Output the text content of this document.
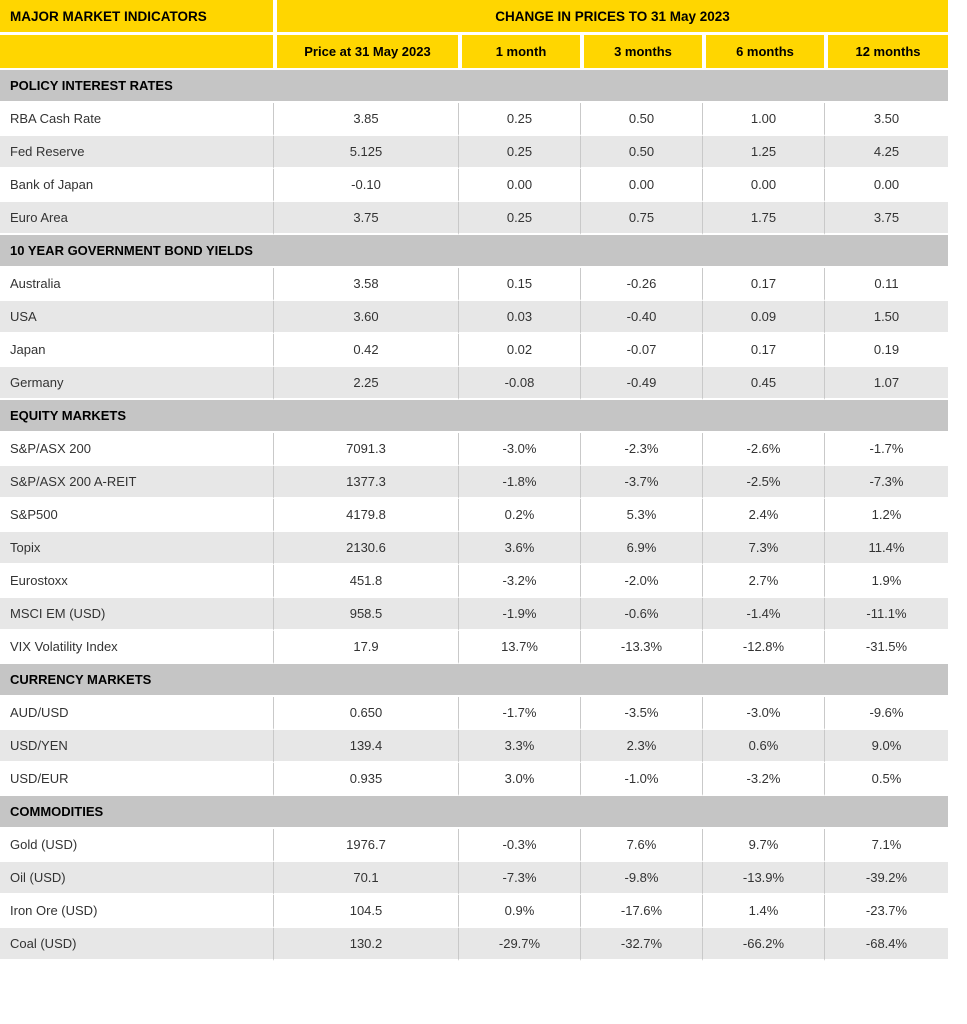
MAJOR MARKET INDICATORS	CHANGE IN PRICES TO 31 May 2023				
	Price at 31 May 2023	1 month	3 months	6 months	12 months
POLICY INTEREST RATES					
RBA Cash Rate	3.85	0.25	0.50	1.00	3.50
Fed Reserve	5.125	0.25	0.50	1.25	4.25
Bank of Japan	-0.10	0.00	0.00	0.00	0.00
Euro Area	3.75	0.25	0.75	1.75	3.75
10 YEAR GOVERNMENT BOND YIELDS					
Australia	3.58	0.15	-0.26	0.17	0.11
USA	3.60	0.03	-0.40	0.09	1.50
Japan	0.42	0.02	-0.07	0.17	0.19
Germany	2.25	-0.08	-0.49	0.45	1.07
EQUITY MARKETS					
S&P/ASX 200	7091.3	-3.0%	-2.3%	-2.6%	-1.7%
S&P/ASX 200 A-REIT	1377.3	-1.8%	-3.7%	-2.5%	-7.3%
S&P500	4179.8	0.2%	5.3%	2.4%	1.2%
Topix	2130.6	3.6%	6.9%	7.3%	11.4%
Eurostoxx	451.8	-3.2%	-2.0%	2.7%	1.9%
MSCI EM (USD)	958.5	-1.9%	-0.6%	-1.4%	-11.1%
VIX Volatility Index	17.9	13.7%	-13.3%	-12.8%	-31.5%
CURRENCY MARKETS					
AUD/USD	0.650	-1.7%	-3.5%	-3.0%	-9.6%
USD/YEN	139.4	3.3%	2.3%	0.6%	9.0%
USD/EUR	0.935	3.0%	-1.0%	-3.2%	0.5%
COMMODITIES					
Gold (USD)	1976.7	-0.3%	7.6%	9.7%	7.1%
Oil (USD)	70.1	-7.3%	-9.8%	-13.9%	-39.2%
Iron Ore (USD)	104.5	0.9%	-17.6%	1.4%	-23.7%
Coal (USD)	130.2	-29.7%	-32.7%	-66.2%	-68.4%
